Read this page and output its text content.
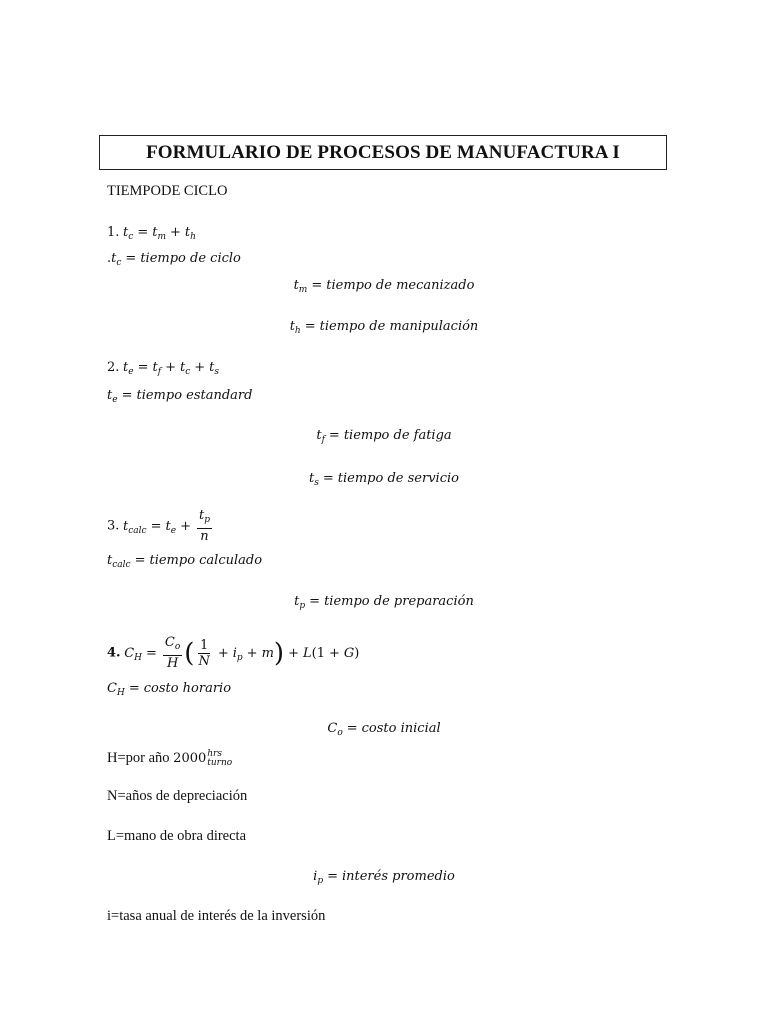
FORMULARIO DE PROCESOS DE MANUFACTURA I
TIEMPODE CICLO
1. $t_c = t_m + t_h$
$.t_c$ = tiempo de ciclo
$t_m$ = tiempo de mecanizado
$t_h$ = tiempo de manipulación
2. $t_e = t_f + t_c + t_s$
$t_e$ = tiempo estandard
$t_f$ = tiempo de fatiga
$t_s$ = tiempo de servicio
3. $t_{calc} = t_e + \frac{t_p}{n}$
$t_{calc}$ = tiempo calculado
$t_p$ = tiempo de preparación
4. $C_H = \frac{C_o}{H}$ ( $\frac{1}{N} + i_p + m) + L(1 + G)$
$C_H$ = costo horario
$C_o$ = costo inicial
H=por año 2000 hrs
turno
N=años de depreciación
L=mano de obra directa
$i_p$ = interés promedio
i=tasa anual de interés de la inversión
